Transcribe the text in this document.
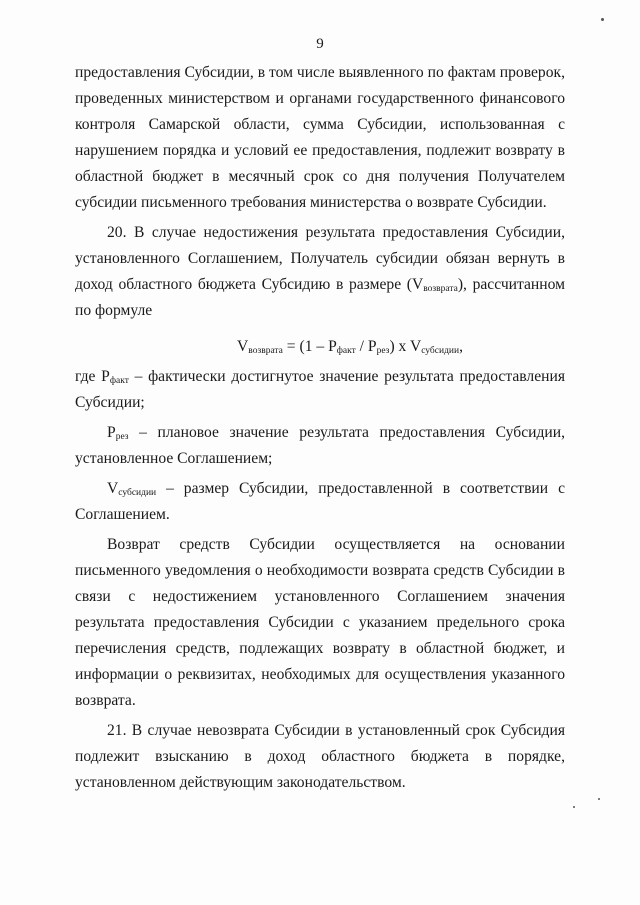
9

предоставления Субсидии, в том числе выявленного по фактам проверок, проведенных министерством и органами государственного финансового контроля Самарской области, сумма Субсидии, использованная с нарушением порядка и условий ее предоставления, подлежит возврату в областной бюджет в месячный срок со дня получения Получателем субсидии письменного требования министерства о возврате Субсидии.

20. В случае недостижения результата предоставления Субсидии, установленного Соглашением, Получатель субсидии обязан вернуть в доход областного бюджета Субсидию в размере $(V_{возврата})$, рассчитанном по формуле

$V_{возврата} = (1 - P_{факт} / P_{рез})$ x $V_{субсидии}$,

где $P_{факт}$ – фактически достигнутое значение результата предоставления Субсидии;

$P_{рез}$ – плановое значение результата предоставления Субсидии, установленное Соглашением;

$V_{субсидии}$ – размер Субсидии, предоставленной в соответствии с Соглашением.

Возврат средств Субсидии осуществляется на основании письменного уведомления о необходимости возврата средств Субсидии в связи с недостижением установленного Соглашением значения результата предоставления Субсидии с указанием предельного срока перечисления средств, подлежащих возврату в областной бюджет, и информации о реквизитах, необходимых для осуществления указанного возврата.

21. В случае невозврата Субсидии в установленный срок Субсидия подлежит взысканию в доход областного бюджета в порядке, установленном действующим законодательством.
